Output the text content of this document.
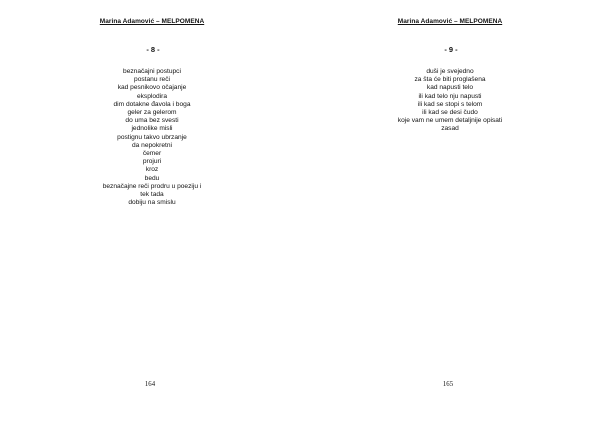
Marina Adamović – MELPOMENA
- 8 -
beznačajni postupci
postanu reči
kad pesnikovo očajanje
eksplodira
dim dotakne đavola i boga
geler za gelerom
do uma bez svesti
jednolike misli
postignu takvo ubrzanje
da nepokretni
čemer
projuri
kroz
bedu
beznačajne reči prodru u poeziju i
tek tada
dobiju na smislu
164
Marina Adamović – MELPOMENA
- 9 -
duši je svejedno
za šta će biti proglašena
kad napusti telo
ili kad telo nju napusti
ili kad se stopi s telom
ili kad se desi čudo
koje vam ne umem detaljnije opisati
zasad
165
